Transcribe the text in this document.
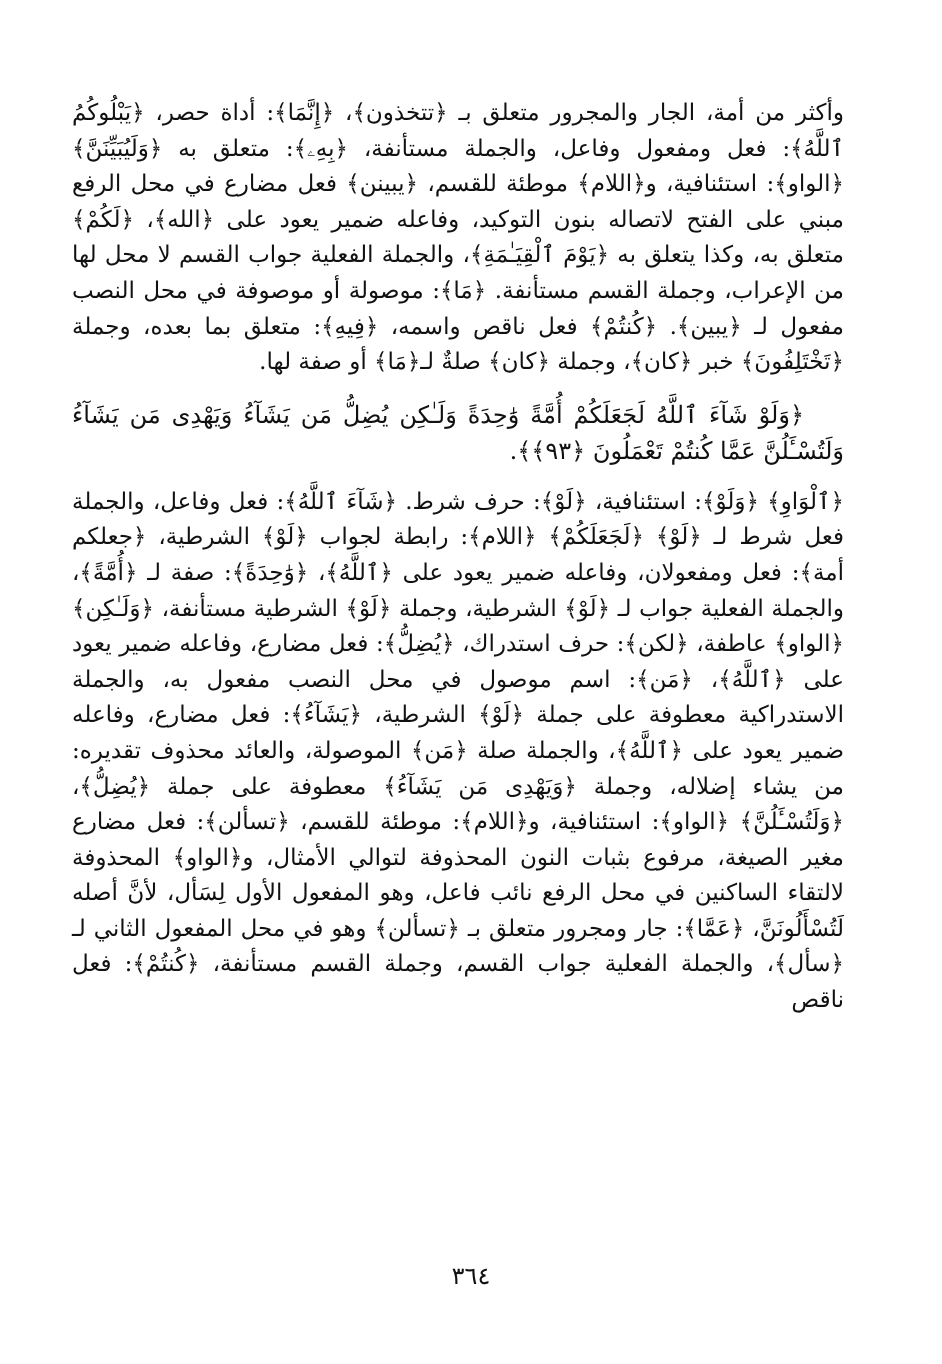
وأكثر من أمة، الجار والمجرور متعلق بـ ﴿تتخذون﴾، ﴿إِنَّمَا﴾: أداة حصر، ﴿يَبْلُوكُمُ ٱللَّهُ﴾: فعل ومفعول وفاعل، والجملة مستأنفة، ﴿بِهِۦ﴾: متعلق به ﴿وَلَيُبَيِّنَنَّ﴾ ﴿الواو﴾: استئنافية، و﴿اللام﴾ موطئة للقسم، ﴿يبينن﴾ فعل مضارع في محل الرفع مبني على الفتح لاتصاله بنون التوكيد، وفاعله ضمير يعود على ﴿الله﴾، ﴿لَكُمْ﴾ متعلق به، وكذا يتعلق به ﴿يَوْمَ ٱلْقِيَـٰمَةِ﴾، والجملة الفعلية جواب القسم لا محل لها من الإعراب، وجملة القسم مستأنفة. ﴿مَا﴾: موصولة أو موصوفة في محل النصب مفعول لـ ﴿يبين﴾. ﴿كُنتُمْ﴾ فعل ناقص واسمه، ﴿فِيهِ﴾: متعلق بما بعده، وجملة ﴿تَخْتَلِفُونَ﴾ خبر ﴿كان﴾، وجملة ﴿كان﴾ صلةٌ لـ﴿مَا﴾ أو صفة لها.

﴿وَلَوْ شَآءَ ٱللَّهُ لَجَعَلَكُمْ أُمَّةً وَٰحِدَةً وَلَـٰكِن يُضِلُّ مَن يَشَآءُ وَيَهْدِى مَن يَشَآءُ وَلَتُسْـَٔلُنَّ عَمَّا كُنتُمْ تَعْمَلُونَ ﴿٩٣﴾﴾.

﴿ٱلْوَاوِ﴾ ﴿وَلَوْ﴾: استئنافية، ﴿لَوْ﴾: حرف شرط. ﴿شَآءَ ٱللَّهُ﴾: فعل وفاعل، والجملة فعل شرط لـ ﴿لَوْ﴾ ﴿لَجَعَلَكُمْ﴾ ﴿اللام﴾: رابطة لجواب ﴿لَوْ﴾ الشرطية، ﴿جعلكم أمة﴾: فعل ومفعولان، وفاعله ضمير يعود على ﴿ٱللَّهُ﴾، ﴿وَٰحِدَةً﴾: صفة لـ ﴿أُمَّةً﴾، والجملة الفعلية جواب لـ ﴿لَوْ﴾ الشرطية، وجملة ﴿لَوْ﴾ الشرطية مستأنفة، ﴿وَلَـٰكِن﴾ ﴿الواو﴾ عاطفة، ﴿لكن﴾: حرف استدراك، ﴿يُضِلُّ﴾: فعل مضارع، وفاعله ضمير يعود على ﴿ٱللَّهُ﴾، ﴿مَن﴾: اسم موصول في محل النصب مفعول به، والجملة الاستدراكية معطوفة على جملة ﴿لَوْ﴾ الشرطية، ﴿يَشَآءُ﴾: فعل مضارع، وفاعله ضمير يعود على ﴿ٱللَّهُ﴾، والجملة صلة ﴿مَن﴾ الموصولة، والعائد محذوف تقديره: من يشاء إضلاله، وجملة ﴿وَيَهْدِى مَن يَشَآءُ﴾ معطوفة على جملة ﴿يُضِلُّ﴾، ﴿وَلَتُسْـَٔلُنَّ﴾ ﴿الواو﴾: استئنافية، و﴿اللام﴾: موطئة للقسم، ﴿تسألن﴾: فعل مضارع مغير الصيغة، مرفوع بثبات النون المحذوفة لتوالي الأمثال، و﴿الواو﴾ المحذوفة لالتقاء الساكنين في محل الرفع نائب فاعل، وهو المفعول الأول لِسَأل، لأنَّ أصله لَتُسْأَلُونَنَّ، ﴿عَمَّا﴾: جار ومجرور متعلق بـ ﴿تسألن﴾ وهو في محل المفعول الثاني لـ ﴿سأل﴾، والجملة الفعلية جواب القسم، وجملة القسم مستأنفة، ﴿كُنتُمْ﴾: فعل ناقص

٣٦٤
